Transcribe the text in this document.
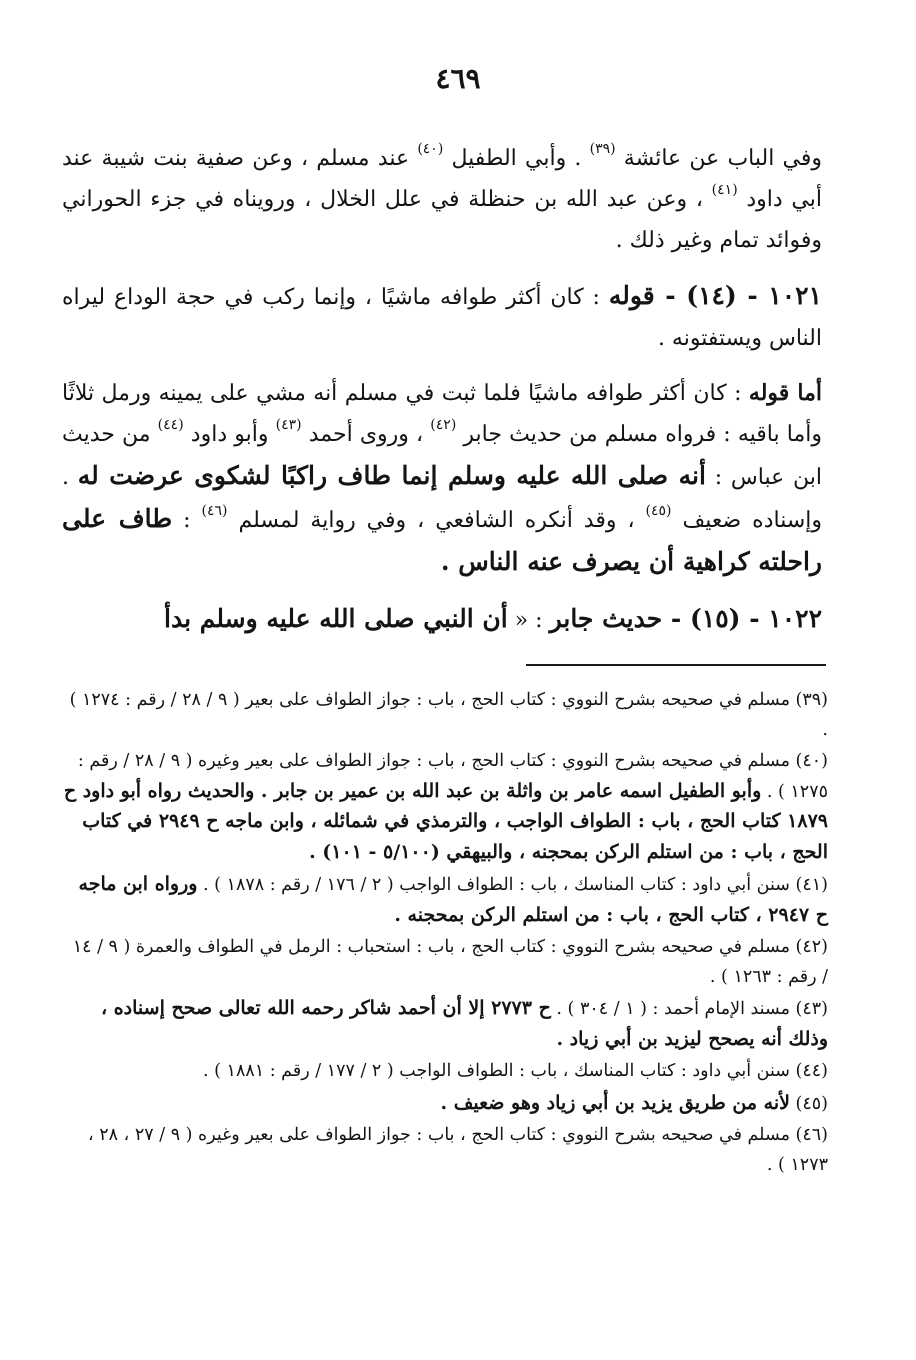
٤٦٩

وفي الباب عن عائشة $^{(٣٩)}$ . وأبي الطفيل $^{(٤٠)}$ عند مسلم ، وعن صفية بنت شيبة عند أبي داود $^{(٤١)}$ ، وعن عبد الله بن حنظلة في علل الخلال ، ورويناه في جزء الحوراني وفوائد تمام وغير ذلك .

١٠٢١ - (١٤) - قوله : كان أكثر طوافه ماشيًا ، وإنما ركب في حجة الوداع ليراه الناس ويستفتونه .

أما قوله : كان أكثر طوافه ماشيًا فلما ثبت في مسلم أنه مشي على يمينه ورمل ثلاثًا وأما باقيه : فرواه مسلم من حديث جابر $^{(٤٢)}$ ، وروى أحمد $^{(٤٣)}$ وأبو داود $^{(٤٤)}$ من حديث ابن عباس : أنه صلى الله عليه وسلم إنما طاف راكبًا لشكوى عرضت له . وإسناده ضعيف $^{(٤٥)}$ ، وقد أنكره الشافعي ، وفي رواية لمسلم $^{(٤٦)}$ : طاف على راحلته كراهية أن يصرف عنه الناس .

١٠٢٢ - (١٥) - حديث جابر : « أن النبي صلى الله عليه وسلم بدأ

(٣٩) مسلم في صحيحه بشرح النووي : كتاب الحج ، باب : جواز الطواف على بعير ( ٩ / ٢٨ / رقم : ١٢٧٤ ) .
(٤٠) مسلم في صحيحه بشرح النووي : كتاب الحج ، باب : جواز الطواف على بعير وغيره ( ٩ / ٢٨ / رقم : ١٢٧٥ ) . وأبو الطفيل اسمه عامر بن واثلة بن عبد الله بن عمير بن جابر . والحديث رواه أبو داود ح ١٨٧٩ كتاب الحج ، باب : الطواف الواجب ، والترمذي في شمائله ، وابن ماجه ح ٢٩٤٩ في كتاب الحج ، باب : من استلم الركن بمحجنه ، والبيهقي (٥/١٠٠ - ١٠١) .
(٤١) سنن أبي داود : كتاب المناسك ، باب : الطواف الواجب ( ٢ / ١٧٦ / رقم : ١٨٧٨ ) . ورواه ابن ماجه ح ٢٩٤٧ ، كتاب الحج ، باب : من استلم الركن بمحجنه .
(٤٢) مسلم في صحيحه بشرح النووي : كتاب الحج ، باب : استحباب : الرمل في الطواف والعمرة ( ٩ / ١٤ / رقم : ١٢٦٣ ) .
(٤٣) مسند الإمام أحمد : ( ١ / ٣٠٤ ) . ح ٢٧٧٣ إلا أن أحمد شاكر رحمه الله تعالى صحح إسناده ، وذلك أنه يصحح ليزيد بن أبي زياد .
(٤٤) سنن أبي داود : كتاب المناسك ، باب : الطواف الواجب ( ٢ / ١٧٧ / رقم : ١٨٨١ ) .
(٤٥) لأنه من طريق يزيد بن أبي زياد وهو ضعيف .
(٤٦) مسلم في صحيحه بشرح النووي : كتاب الحج ، باب : جواز الطواف على بعير وغيره ( ٩ / ٢٧ ، ٢٨ ، ١٢٧٣ ) .
